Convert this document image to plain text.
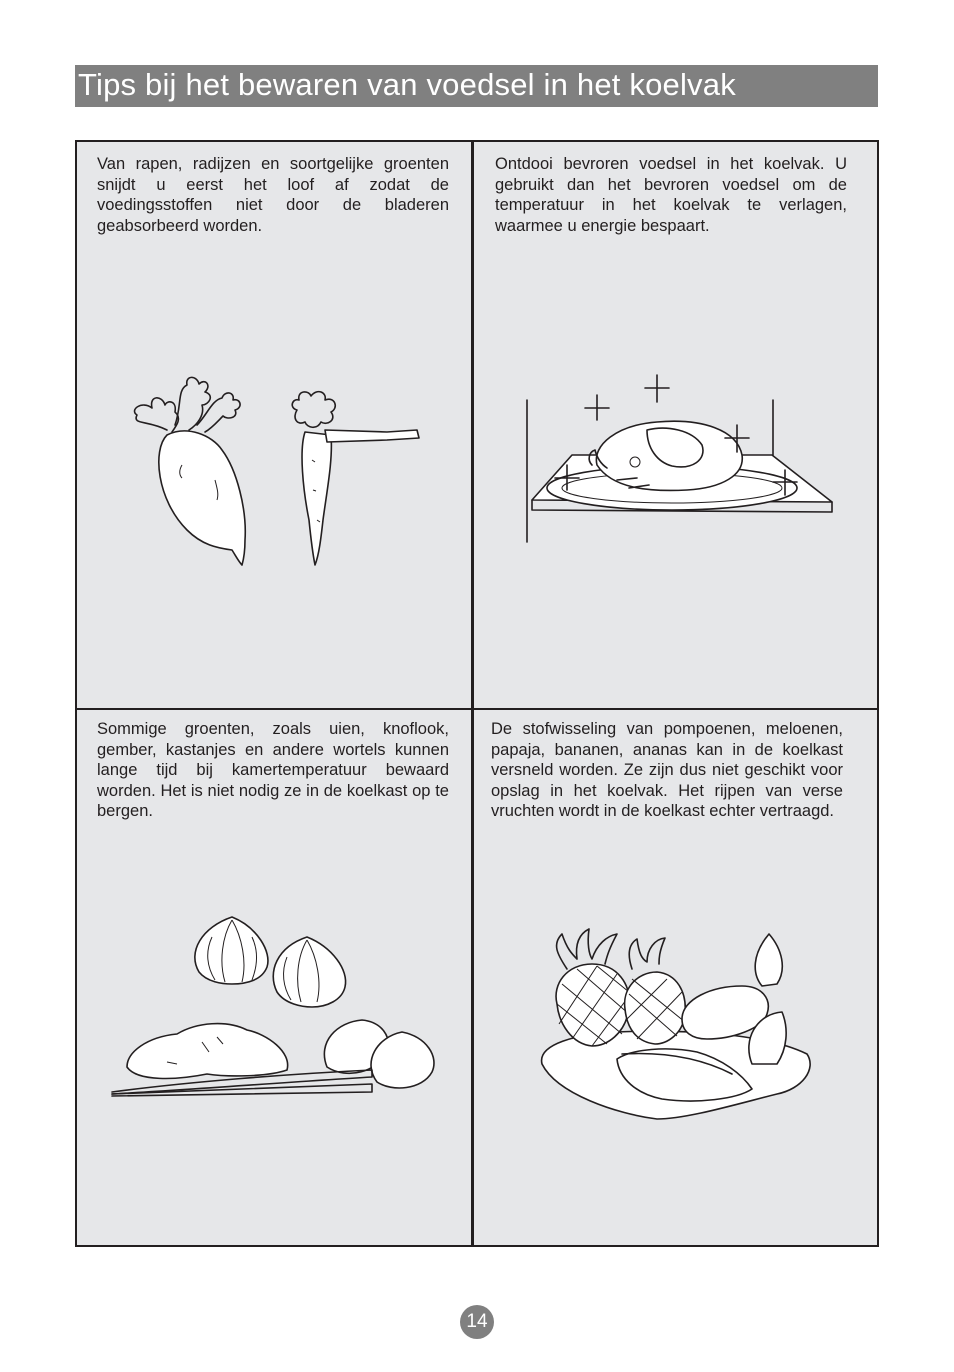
Tips bij het bewaren van voedsel in het koelvak

Van rapen, radijzen en soortgelijke groenten snijdt u eerst het loof af zodat de voedingsstoffen niet door de bladeren geabsorbeerd worden.

Ontdooi bevroren voedsel in het koelvak. U gebruikt dan het bevroren voedsel om de temperatuur in het koelvak te verlagen, waarmee u energie bespaart.

Sommige groenten, zoals uien, knoflook, gember, kastanjes en andere wortels kunnen lange tijd bij kamertemperatuur bewaard worden. Het is niet nodig ze in de koelkast op te bergen.

De stofwisseling van pompoenen, meloenen, papaja, bananen, ananas kan in de koelkast versneld worden. Ze zijn dus niet geschikt voor opslag in het koelvak. Het rijpen van verse vruchten wordt in de koelkast echter vertraagd.

14
